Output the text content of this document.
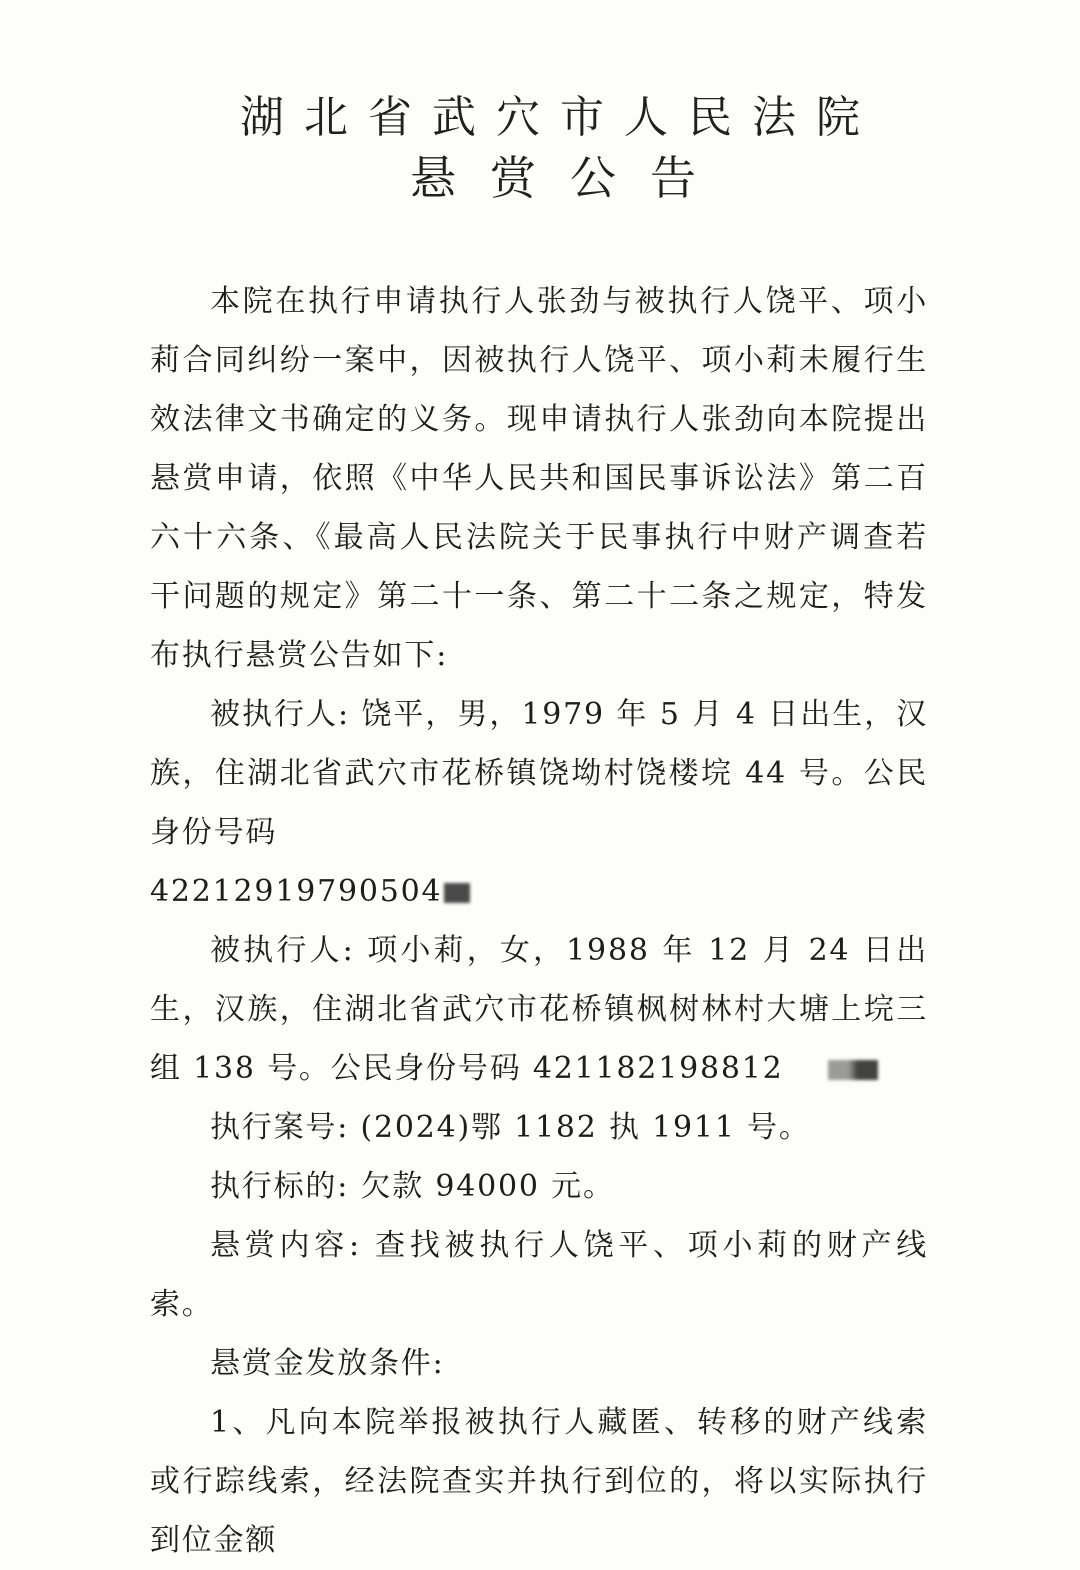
湖北省武穴市人民法院
悬赏公告

本院在执行申请执行人张劲与被执行人饶平、项小莉合同纠纷一案中，因被执行人饶平、项小莉未履行生效法律文书确定的义务。现申请执行人张劲向本院提出悬赏申请，依照《中华人民共和国民事诉讼法》第二百六十六条、《最高人民法院关于民事执行中财产调查若干问题的规定》第二十一条、第二十二条之规定，特发布执行悬赏公告如下:

被执行人: 饶平，男，1979 年 5 月 4 日出生，汉族，住湖北省武穴市花桥镇饶坳村饶楼垸 44 号。公民身份号码

42212919790504

被执行人: 项小莉，女，1988 年 12 月 24 日出生，汉族，住湖北省武穴市花桥镇枫树林村大塘上垸三组 138 号。公民身份号码 421182198812

执行案号: (2024)鄂 1182 执 1911 号。

执行标的: 欠款 94000 元。

悬赏内容: 查找被执行人饶平、项小莉的财产线索。

悬赏金发放条件:

1、凡向本院举报被执行人藏匿、转移的财产线索或行踪线索，经法院查实并执行到位的，将以实际执行到位金额
